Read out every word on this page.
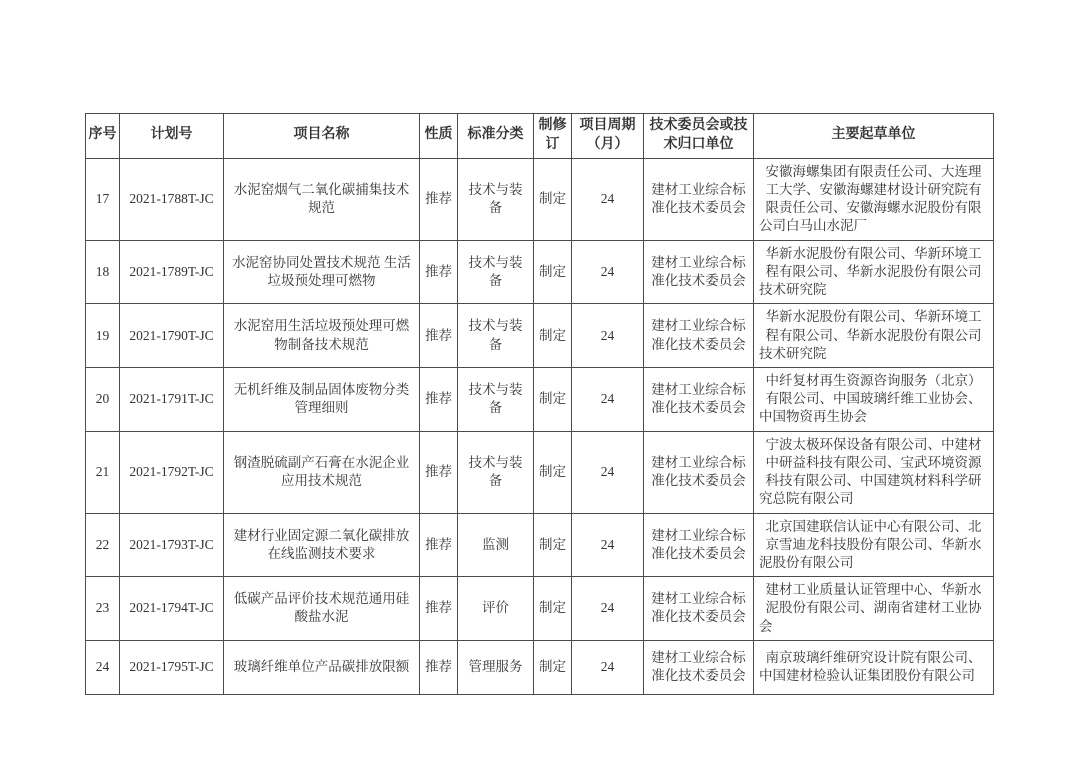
序号	计划号	项目名称	性质	标准分类	制修订	项目周期（月）	技术委员会或技术归口单位	主要起草单位
17	2021-1788T-JC	水泥窑烟气二氧化碳捕集技术规范	推荐	技术与装备	制定	24	建材工业综合标准化技术委员会	安徽海螺集团有限责任公司、大连理工大学、安徽海螺建材设计研究院有限责任公司、安徽海螺水泥股份有限公司白马山水泥厂
18	2021-1789T-JC	水泥窑协同处置技术规范 生活垃圾预处理可燃物	推荐	技术与装备	制定	24	建材工业综合标准化技术委员会	华新水泥股份有限公司、华新环境工程有限公司、华新水泥股份有限公司技术研究院
19	2021-1790T-JC	水泥窑用生活垃圾预处理可燃物制备技术规范	推荐	技术与装备	制定	24	建材工业综合标准化技术委员会	华新水泥股份有限公司、华新环境工程有限公司、华新水泥股份有限公司技术研究院
20	2021-1791T-JC	无机纤维及制品固体废物分类管理细则	推荐	技术与装备	制定	24	建材工业综合标准化技术委员会	中纤复材再生资源咨询服务（北京）有限公司、中国玻璃纤维工业协会、中国物资再生协会
21	2021-1792T-JC	钢渣脱硫副产石膏在水泥企业应用技术规范	推荐	技术与装备	制定	24	建材工业综合标准化技术委员会	宁波太极环保设备有限公司、中建材中研益科技有限公司、宝武环境资源科技有限公司、中国建筑材料科学研究总院有限公司
22	2021-1793T-JC	建材行业固定源二氧化碳排放在线监测技术要求	推荐	监测	制定	24	建材工业综合标准化技术委员会	北京国建联信认证中心有限公司、北京雪迪龙科技股份有限公司、华新水泥股份有限公司
23	2021-1794T-JC	低碳产品评价技术规范通用硅酸盐水泥	推荐	评价	制定	24	建材工业综合标准化技术委员会	建材工业质量认证管理中心、华新水泥股份有限公司、湖南省建材工业协会
24	2021-1795T-JC	玻璃纤维单位产品碳排放限额	推荐	管理服务	制定	24	建材工业综合标准化技术委员会	南京玻璃纤维研究设计院有限公司、中国建材检验认证集团股份有限公司
